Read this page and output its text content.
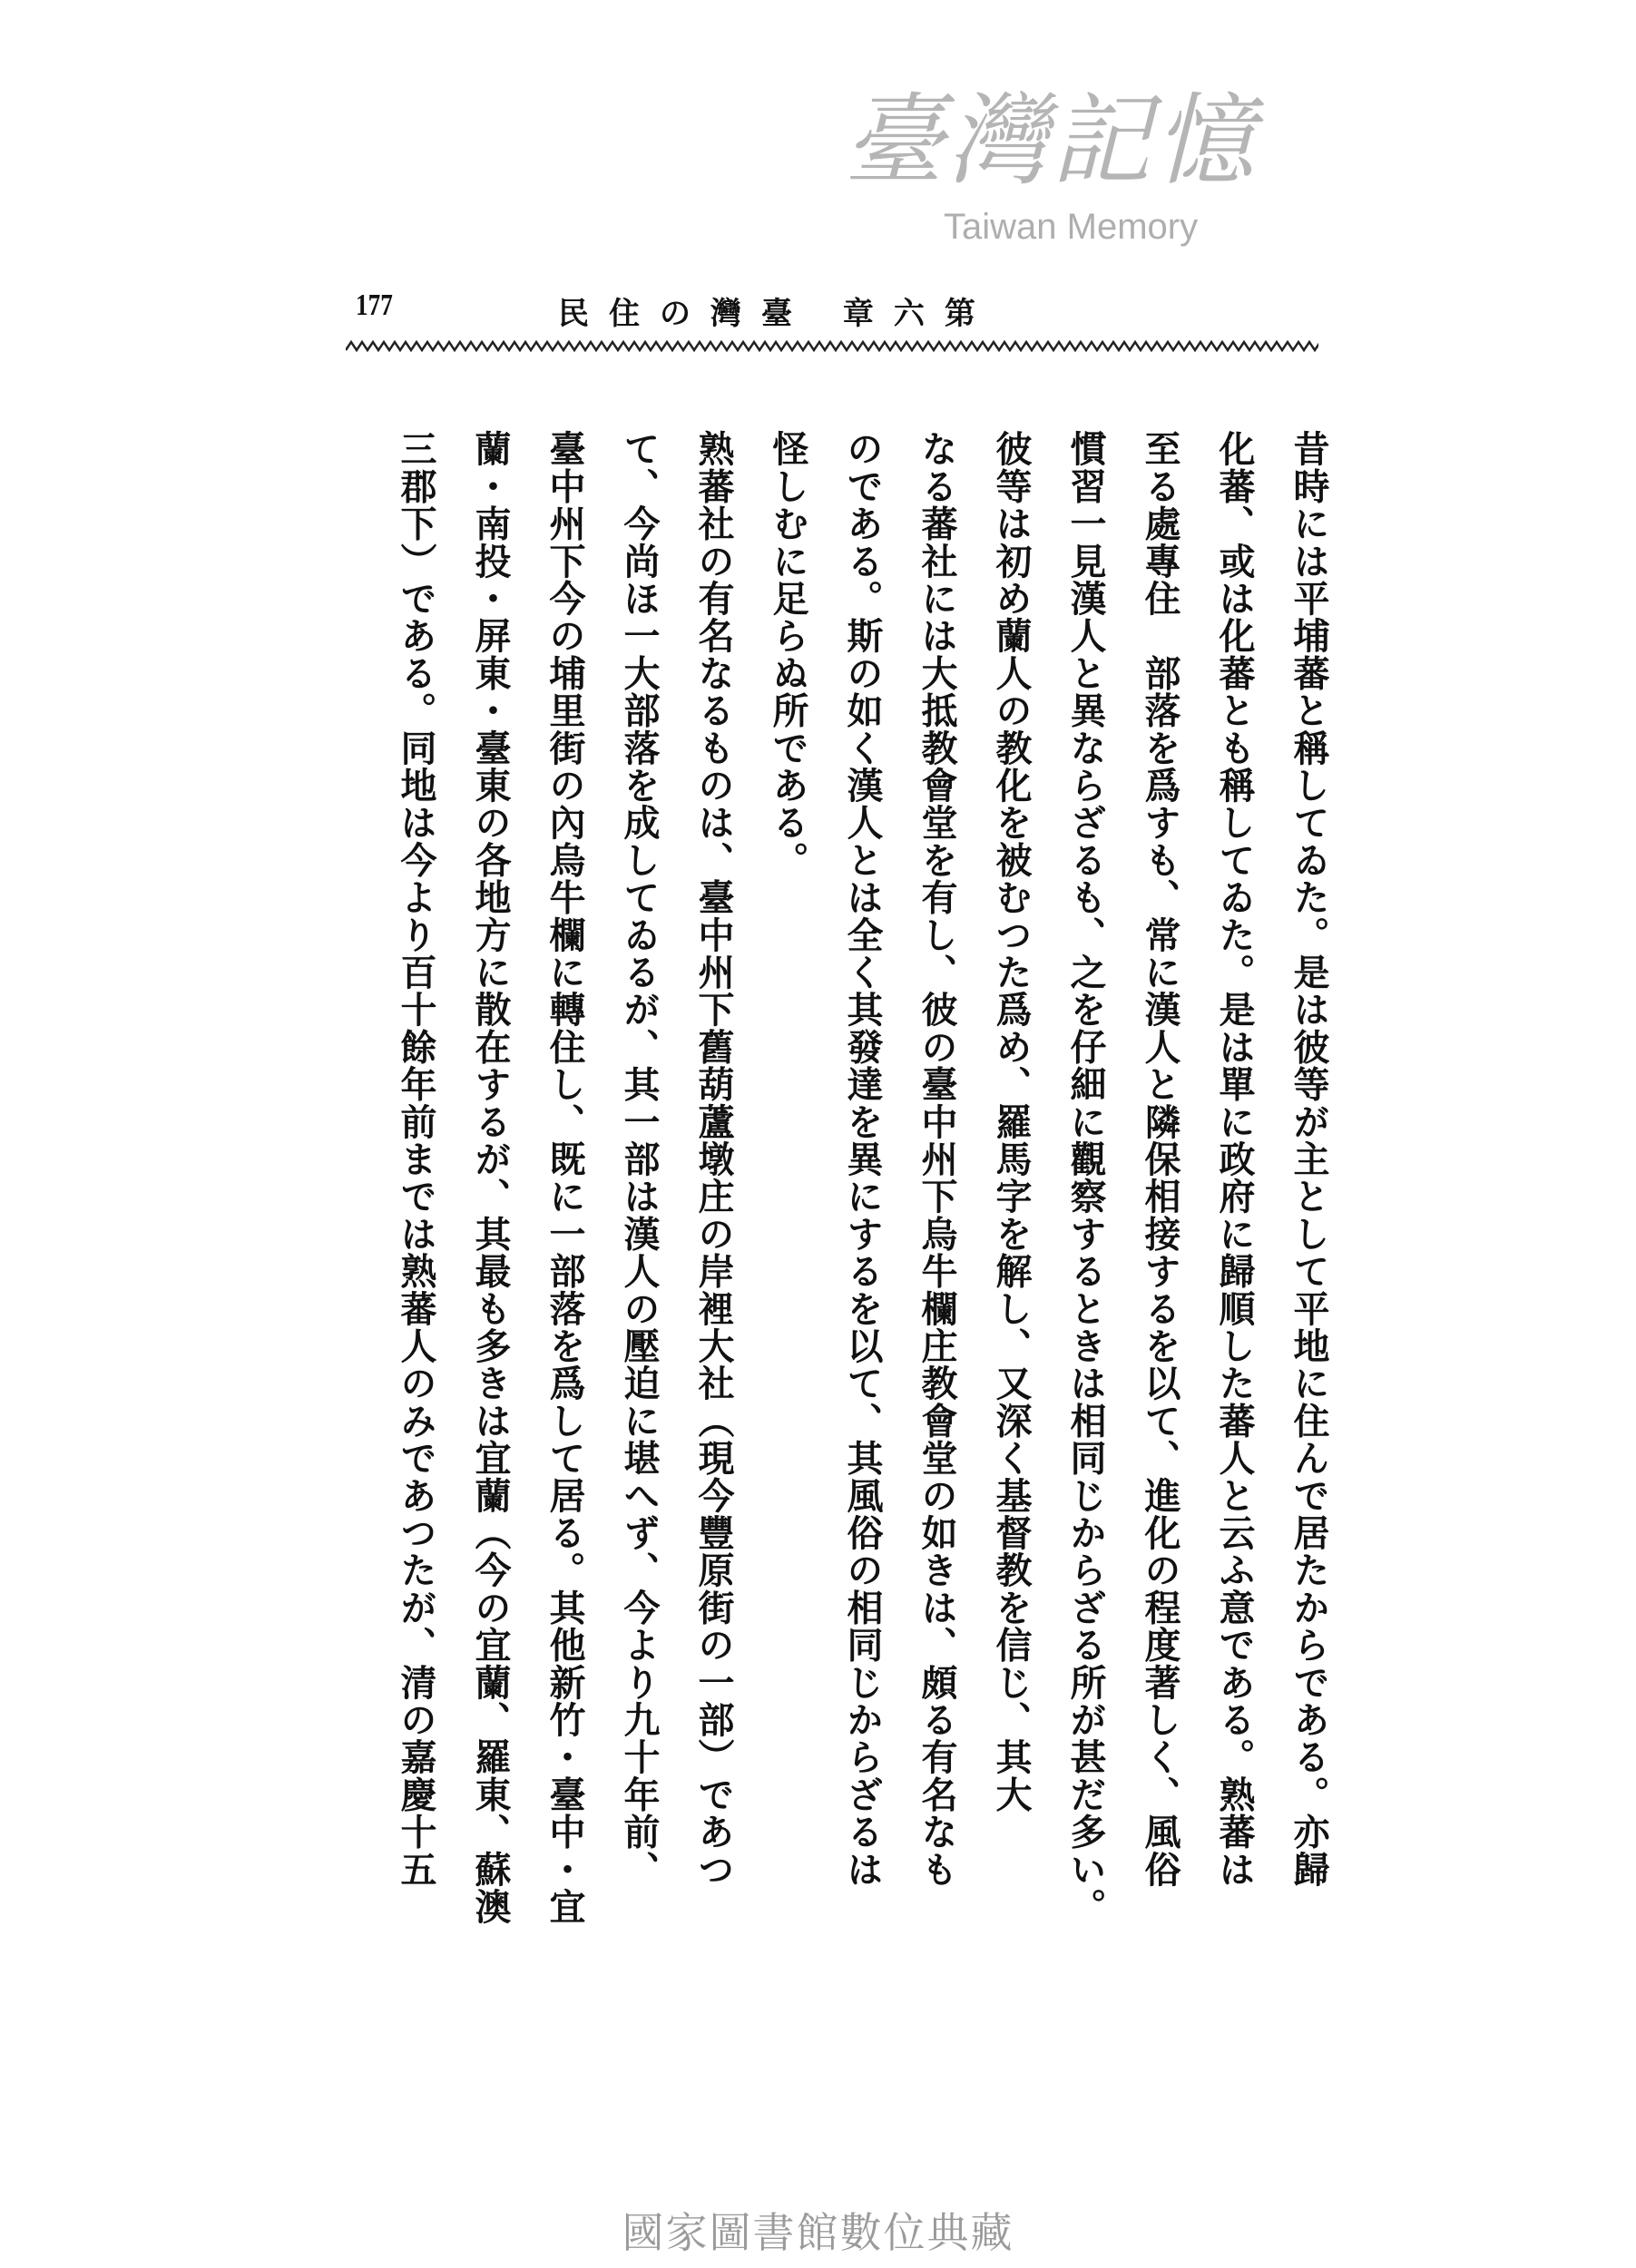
177	第六章 臺灣の住民
昔時には平埔蕃と稱してゐた。是は彼等が主として平地に住んで居たからである。亦歸
化蕃、或は化蕃とも稱してゐた。是は單に政府に歸順した蕃人と云ふ意である。熟蕃は
至る處專住　部落を爲すも、常に漢人と隣保相接するを以て、進化の程度著しく、風俗
慣習一見漢人と異ならざるも、之を仔細に觀察するときは相同じからざる所が甚だ多い。
彼等は初め蘭人の教化を被むつた爲め、羅馬字を解し、又深く基督教を信じ、其大
なる蕃社には大抵教會堂を有し、彼の臺中州下烏牛欄庄教會堂の如きは、頗る有名なも
のである。斯の如く漢人とは全く其發達を異にするを以て、其風俗の相同じからざるは
怪しむに足らぬ所である。
熟蕃社の有名なるものは、臺中州下舊葫蘆墩庄の岸裡大社（現今豐原街の一部）であつ
て、今尚ほ一大部落を成してゐるが、其一部は漢人の壓迫に堪へず、今より九十年前、
臺中州下今の埔里街の內烏牛欄に轉住し、既に一部落を爲して居る。其他新竹・臺中・宜
蘭・南投・屏東・臺東の各地方に散在するが、其最も多きは宜蘭（今の宜蘭、羅東、蘇澳
三郡下）である。同地は今より百十餘年前までは熟蕃人のみであつたが、清の嘉慶十五
臺灣記憶
Taiwan Memory
國家圖書館數位典藏
